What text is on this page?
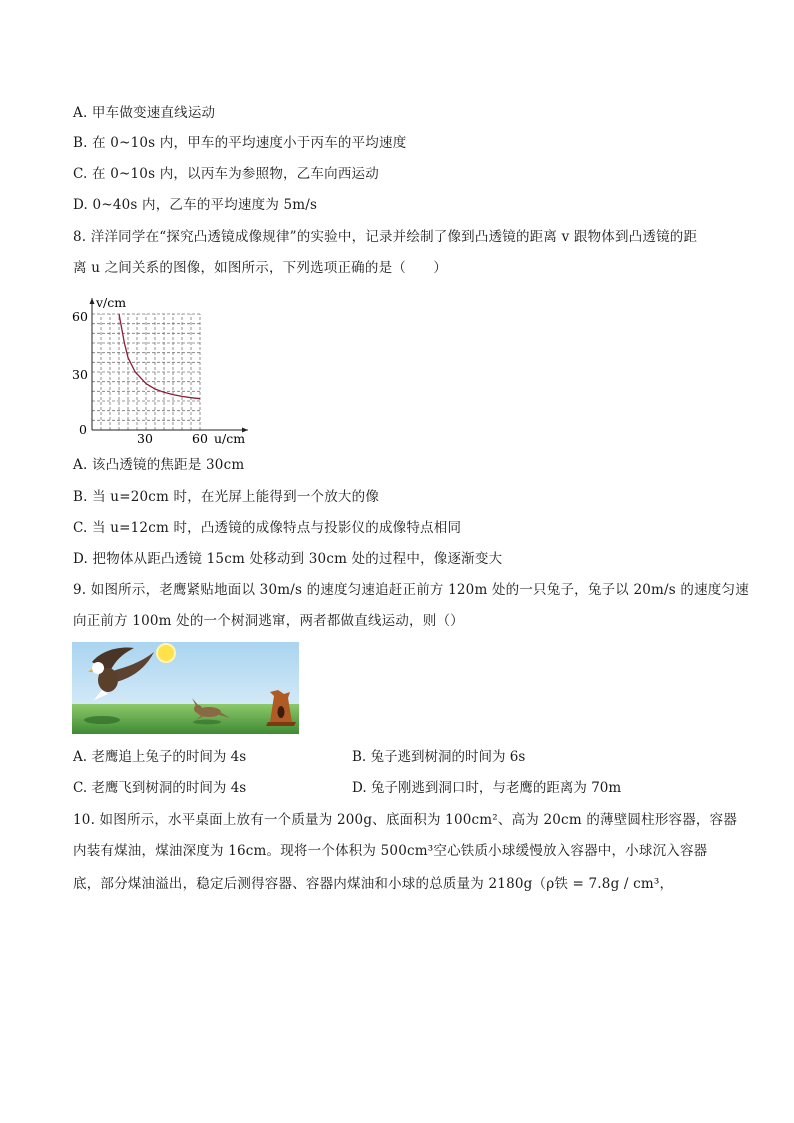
A. 甲车做变速直线运动
B. 在 0~10s 内，甲车的平均速度小于丙车的平均速度
C. 在 0~10s 内，以丙车为参照物，乙车向西运动
D. 0~40s 内，乙车的平均速度为 5m/s
8. 洋洋同学在“探究凸透镜成像规律”的实验中，记录并绘制了像到凸透镜的距离 v 跟物体到凸透镜的距
离 u 之间关系的图像，如图所示，下列选项正确的是（　　）
v/cm
u/cm
60
30
0
30	60
A. 该凸透镜的焦距是 30cm
B. 当 u=20cm 时，在光屏上能得到一个放大的像
C. 当 u=12cm 时，凸透镜的成像特点与投影仪的成像特点相同
D. 把物体从距凸透镜 15cm 处移动到 30cm 处的过程中，像逐渐变大
9. 如图所示，老鹰紧贴地面以 30m/s 的速度匀速追赶正前方 120m 处的一只兔子，兔子以 20m/s 的速度匀速
向正前方 100m 处的一个树洞逃窜，两者都做直线运动，则（）
A. 老鹰追上兔子的时间为 4s	B. 兔子逃到树洞的时间为 6s
C. 老鹰飞到树洞的时间为 4s	D. 兔子刚逃到洞口时，与老鹰的距离为 70m
10. 如图所示，水平桌面上放有一个质量为 200g、底面积为 100cm²、高为 20cm 的薄壁圆柱形容器，容器
内装有煤油，煤油深度为 16cm。现将一个体积为 500cm³空心铁质小球缓慢放入容器中，小球沉入容器
底，部分煤油溢出，稳定后测得容器、容器内煤油和小球的总质量为 2180g（ρ铁 = 7.8g / cm³，
